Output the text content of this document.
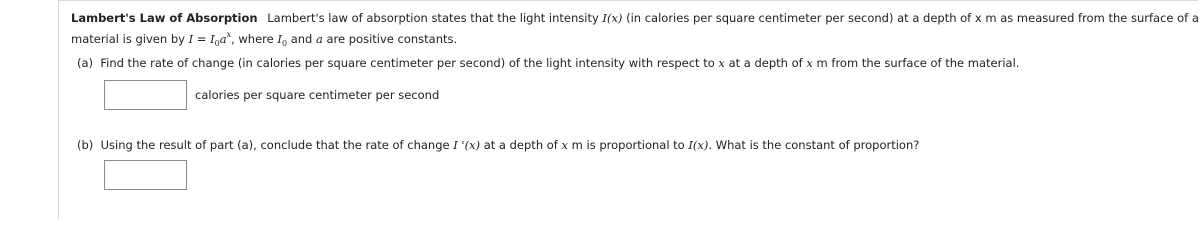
Lambert's Law of Absorption Lambert's law of absorption states that the light intensity I(x) (in calories per square centimeter per second) at a depth of x m as measured from the surface of a
material is given by $I = I_0a^x$, where $I_0$ and a are positive constants.
(a) Find the rate of change (in calories per square centimeter per second) of the light intensity with respect to x at a depth of x m from the surface of the material.
calories per square centimeter per second
(b) Using the result of part (a), conclude that the rate of change I '(x) at a depth of x m is proportional to I(x). What is the constant of proportion?
